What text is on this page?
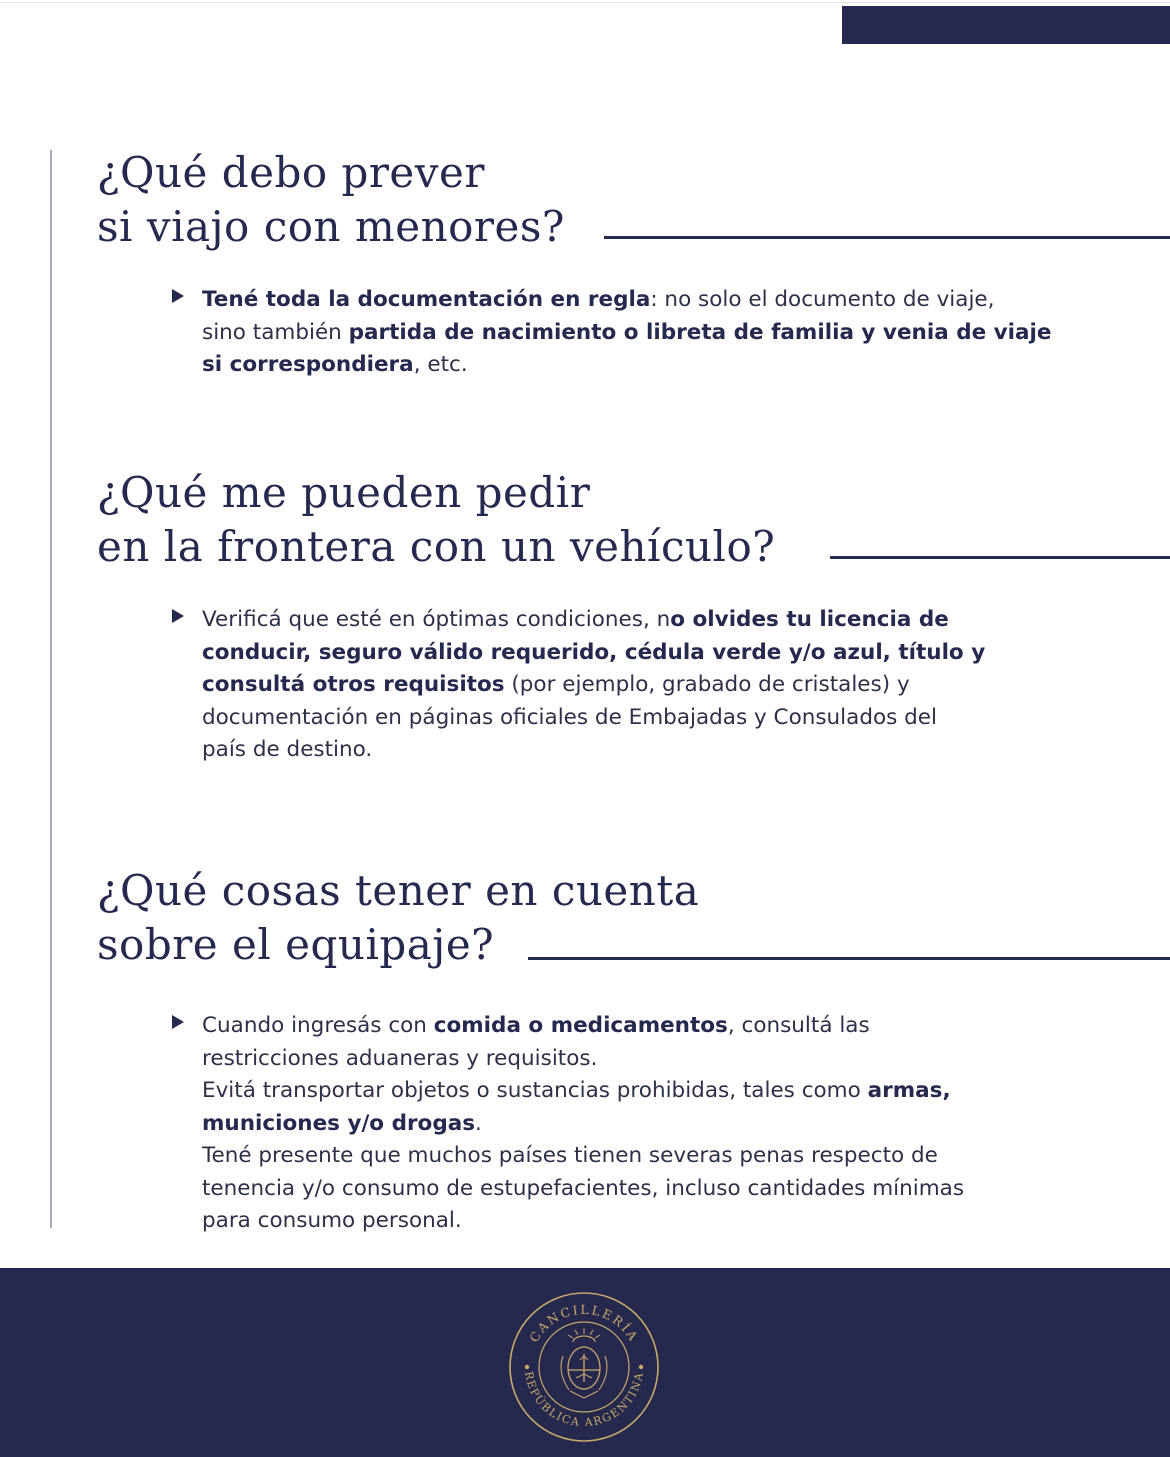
¿Qué debo prever
si viajo con menores?

Tené toda la documentación en regla: no solo el documento de viaje,
sino también partida de nacimiento o libreta de familia y venia de viaje
si correspondiera, etc.

¿Qué me pueden pedir
en la frontera con un vehículo?

Verificá que esté en óptimas condiciones, no olvides tu licencia de
conducir, seguro válido requerido, cédula verde y/o azul, título y
consultá otros requisitos (por ejemplo, grabado de cristales) y
documentación en páginas oficiales de Embajadas y Consulados del
país de destino.

¿Qué cosas tener en cuenta
sobre el equipaje?

Cuando ingresás con comida o medicamentos, consultá las
restricciones aduaneras y requisitos.
Evitá transportar objetos o sustancias prohibidas, tales como armas,
municiones y/o drogas.
Tené presente que muchos países tienen severas penas respecto de
tenencia y/o consumo de estupefacientes, incluso cantidades mínimas
para consumo personal.

CANCILLERÍA
REPÚBLICA ARGENTINA
